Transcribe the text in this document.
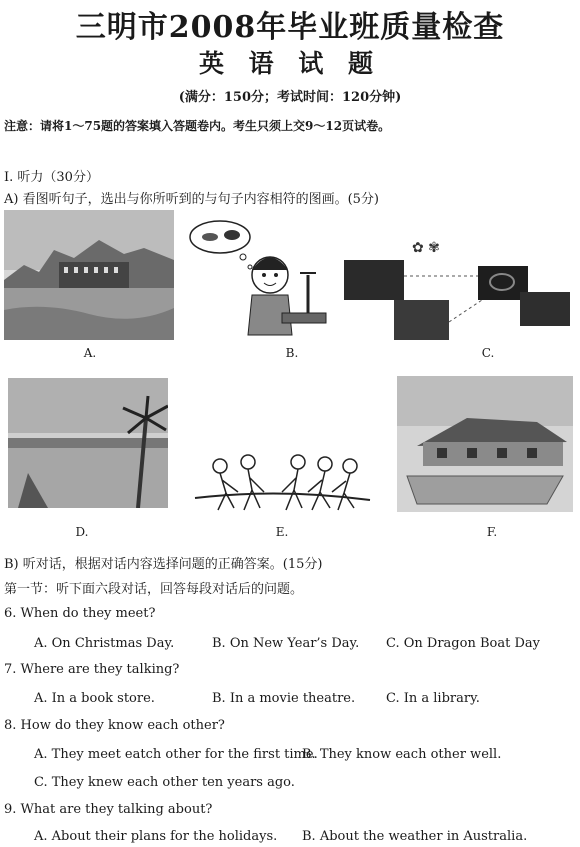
三明市2008年毕业班质量检查
英 语 试 题
(满分：150分；考试时间：120分钟)
注意：请将1～75题的答案填入答题卷内。考生只须上交9～12页试卷。
I. 听力（30分）
A) 看图听句子，选出与你所听到的与句子内容相符的图画。(5分)
A.	B.
✿ ✾
C.
D.	E.	F.
B) 听对话，根据对话内容选择问题的正确答案。(15分)
第一节：听下面六段对话，回答每段对话后的问题。
6. When do they meet?
A. On Christmas Day.	B. On New Year’s Day. C. On Dragon Boat Day
7. Where are they talking?
A. In a book store.	B. In a movie theatre. C. In a library.
8. How do they know each other?
A. They meet eatch other for the first time.
B. They know each other well.
C. They knew each other ten years ago.
9. What are they talking about?
A. About their plans for the holidays. B. About the weather in Australia.
